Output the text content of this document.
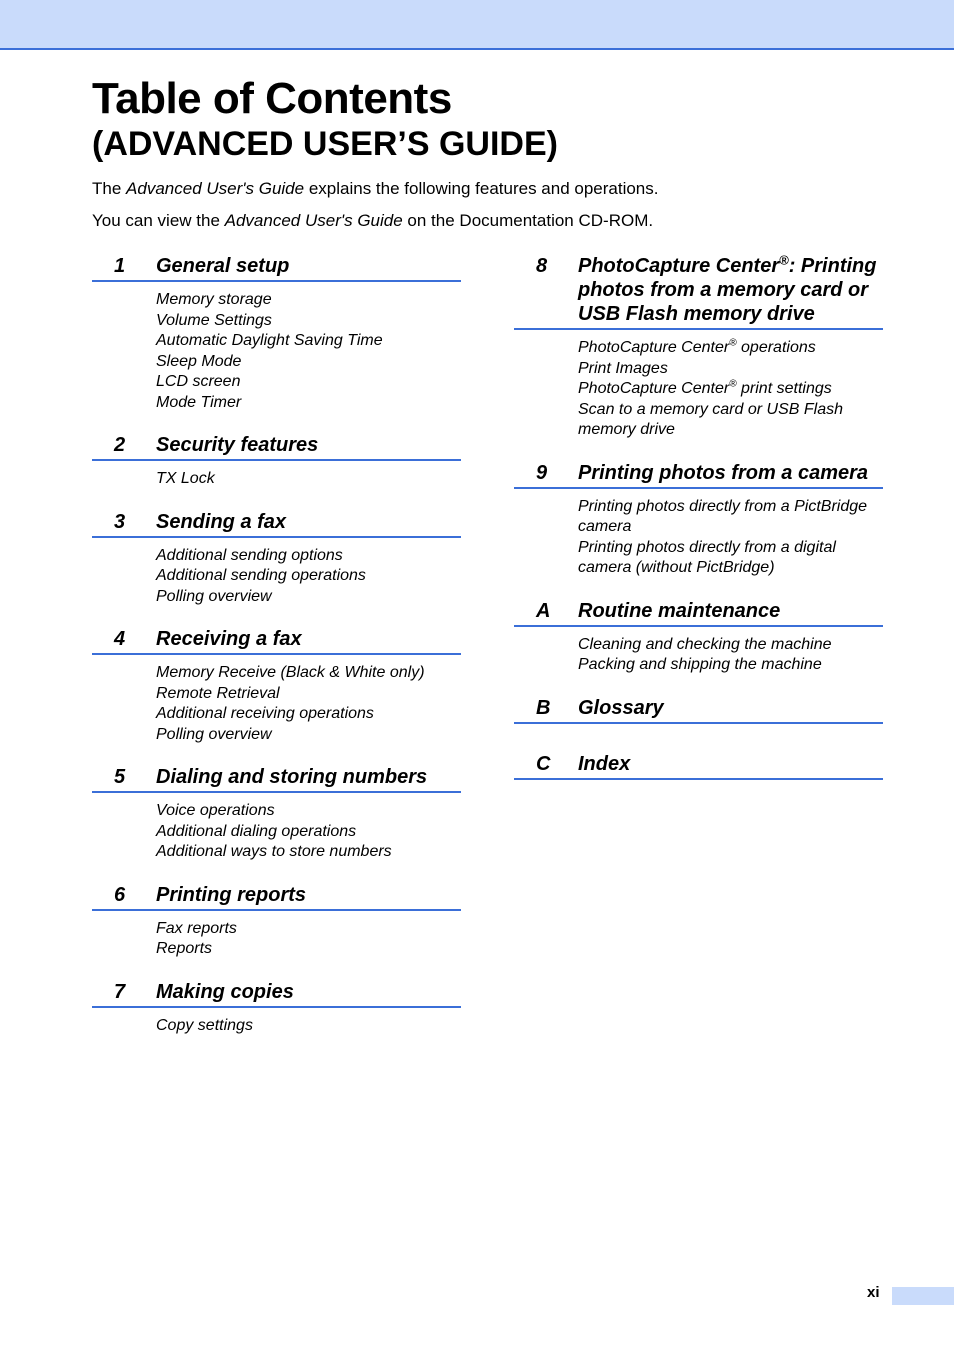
Table of Contents
(ADVANCED USER’S GUIDE)
The Advanced User's Guide explains the following features and operations.
You can view the Advanced User's Guide on the Documentation CD-ROM.
1	General setup
Memory storage
Volume Settings
Automatic Daylight Saving Time
Sleep Mode
LCD screen
Mode Timer
2	Security features
TX Lock
3	Sending a fax
Additional sending options
Additional sending operations
Polling overview
4	Receiving a fax
Memory Receive (Black & White only)
Remote Retrieval
Additional receiving operations
Polling overview
5	Dialing and storing numbers
Voice operations
Additional dialing operations
Additional ways to store numbers
6	Printing reports
Fax reports
Reports
7	Making copies
Copy settings
8	PhotoCapture Center®: Printing photos from a memory card or USB Flash memory drive
PhotoCapture Center® operations
Print Images
PhotoCapture Center® print settings
Scan to a memory card or USB Flash memory drive
9	Printing photos from a camera
Printing photos directly from a PictBridge camera
Printing photos directly from a digital camera (without PictBridge)
A	Routine maintenance
Cleaning and checking the machine
Packing and shipping the machine
B	Glossary
C	Index
xi
